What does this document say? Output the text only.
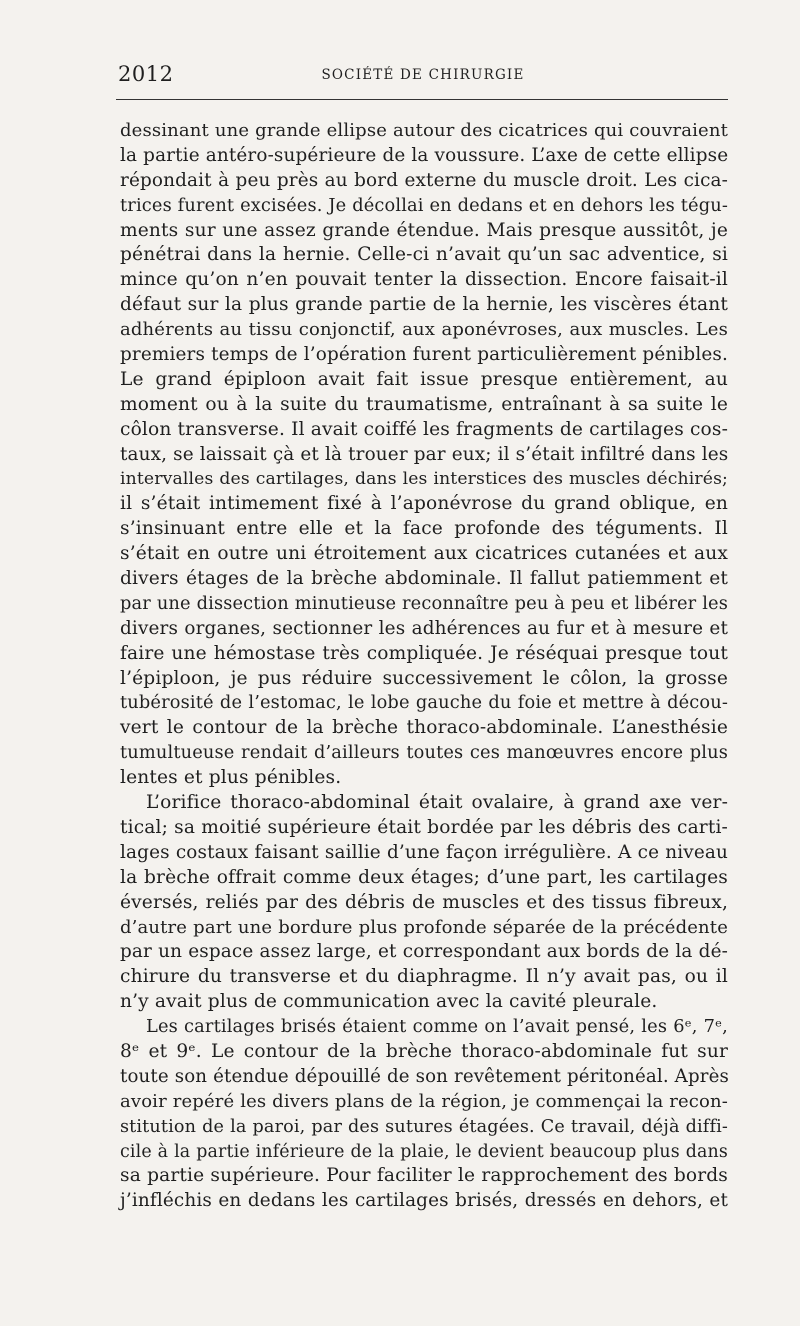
2012	SOCIÉTÉ DE CHIRURGIE
dessinant une grande ellipse autour des cicatrices qui couvraient
la partie antéro-supérieure de la voussure. L’axe de cette ellipse
répondait à peu près au bord externe du muscle droit. Les cica-
trices furent excisées. Je décollai en dedans et en dehors les tégu-
ments sur une assez grande étendue. Mais presque aussitôt, je
pénétrai dans la hernie. Celle-ci n’avait qu’un sac adventice, si
mince qu’on n’en pouvait tenter la dissection. Encore faisait-il
défaut sur la plus grande partie de la hernie, les viscères étant
adhérents au tissu conjonctif, aux aponévroses, aux muscles. Les
premiers temps de l’opération furent particulièrement pénibles.
Le grand épiploon avait fait issue presque entièrement, au
moment ou à la suite du traumatisme, entraînant à sa suite le
côlon transverse. Il avait coiffé les fragments de cartilages cos-
taux, se laissait çà et là trouer par eux; il s’était infiltré dans les
intervalles des cartilages, dans les interstices des muscles déchirés;
il s’était intimement fixé à l’aponévrose du grand oblique, en
s’insinuant entre elle et la face profonde des téguments. Il
s’était en outre uni étroitement aux cicatrices cutanées et aux
divers étages de la brèche abdominale. Il fallut patiemment et
par une dissection minutieuse reconnaître peu à peu et libérer les
divers organes, sectionner les adhérences au fur et à mesure et
faire une hémostase très compliquée. Je réséquai presque tout
l’épiploon, je pus réduire successivement le côlon, la grosse
tubérosité de l’estomac, le lobe gauche du foie et mettre à décou-
vert le contour de la brèche thoraco-abdominale. L’anesthésie
tumultueuse rendait d’ailleurs toutes ces manœuvres encore plus
lentes et plus pénibles.
L’orifice thoraco-abdominal était ovalaire, à grand axe ver-
tical; sa moitié supérieure était bordée par les débris des carti-
lages costaux faisant saillie d’une façon irrégulière. A ce niveau
la brèche offrait comme deux étages; d’une part, les cartilages
éversés, reliés par des débris de muscles et des tissus fibreux,
d’autre part une bordure plus profonde séparée de la précédente
par un espace assez large, et correspondant aux bords de la dé-
chirure du transverse et du diaphragme. Il n’y avait pas, ou il
n’y avait plus de communication avec la cavité pleurale.
Les cartilages brisés étaient comme on l’avait pensé, les 6ᵉ, 7ᵉ,
8ᵉ et 9ᵉ. Le contour de la brèche thoraco-abdominale fut sur
toute son étendue dépouillé de son revêtement péritonéal. Après
avoir repéré les divers plans de la région, je commençai la recon-
stitution de la paroi, par des sutures étagées. Ce travail, déjà diffi-
cile à la partie inférieure de la plaie, le devient beaucoup plus dans
sa partie supérieure. Pour faciliter le rapprochement des bords
j’infléchis en dedans les cartilages brisés, dressés en dehors, et
